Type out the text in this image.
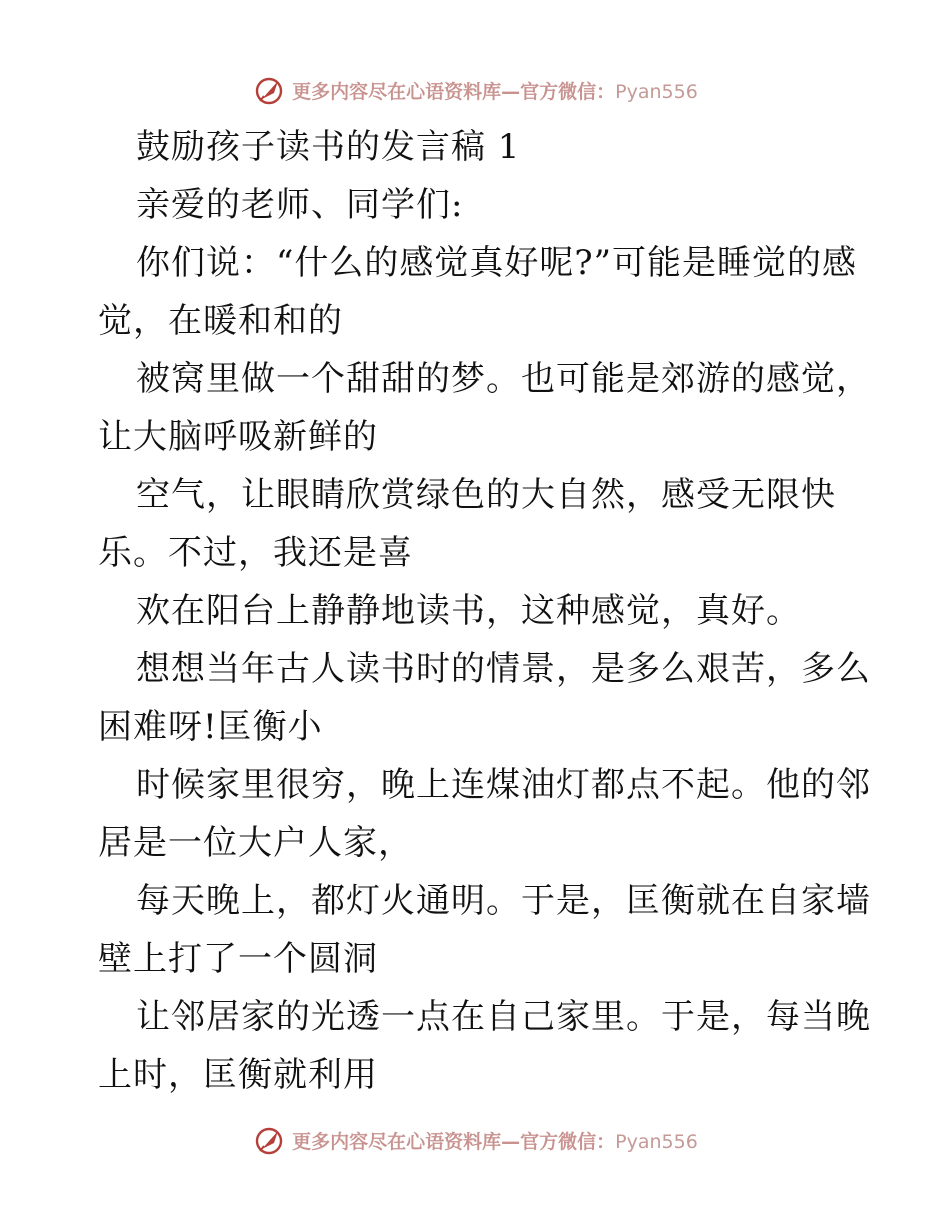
更多内容尽在心语资料库—官方微信：Pyan556
鼓励孩子读书的发言稿 1
亲爱的老师、同学们:
你们说：“什么的感觉真好呢?”可能是睡觉的感
觉，在暖和和的
被窝里做一个甜甜的梦。也可能是郊游的感觉，
让大脑呼吸新鲜的
空气，让眼睛欣赏绿色的大自然，感受无限快
乐。不过，我还是喜
欢在阳台上静静地读书，这种感觉，真好。
想想当年古人读书时的情景，是多么艰苦，多么
困难呀!匡衡小
时候家里很穷，晚上连煤油灯都点不起。他的邻
居是一位大户人家，
每天晚上，都灯火通明。于是，匡衡就在自家墙
壁上打了一个圆洞
让邻居家的光透一点在自己家里。于是，每当晚
上时，匡衡就利用
更多内容尽在心语资料库—官方微信：Pyan556
